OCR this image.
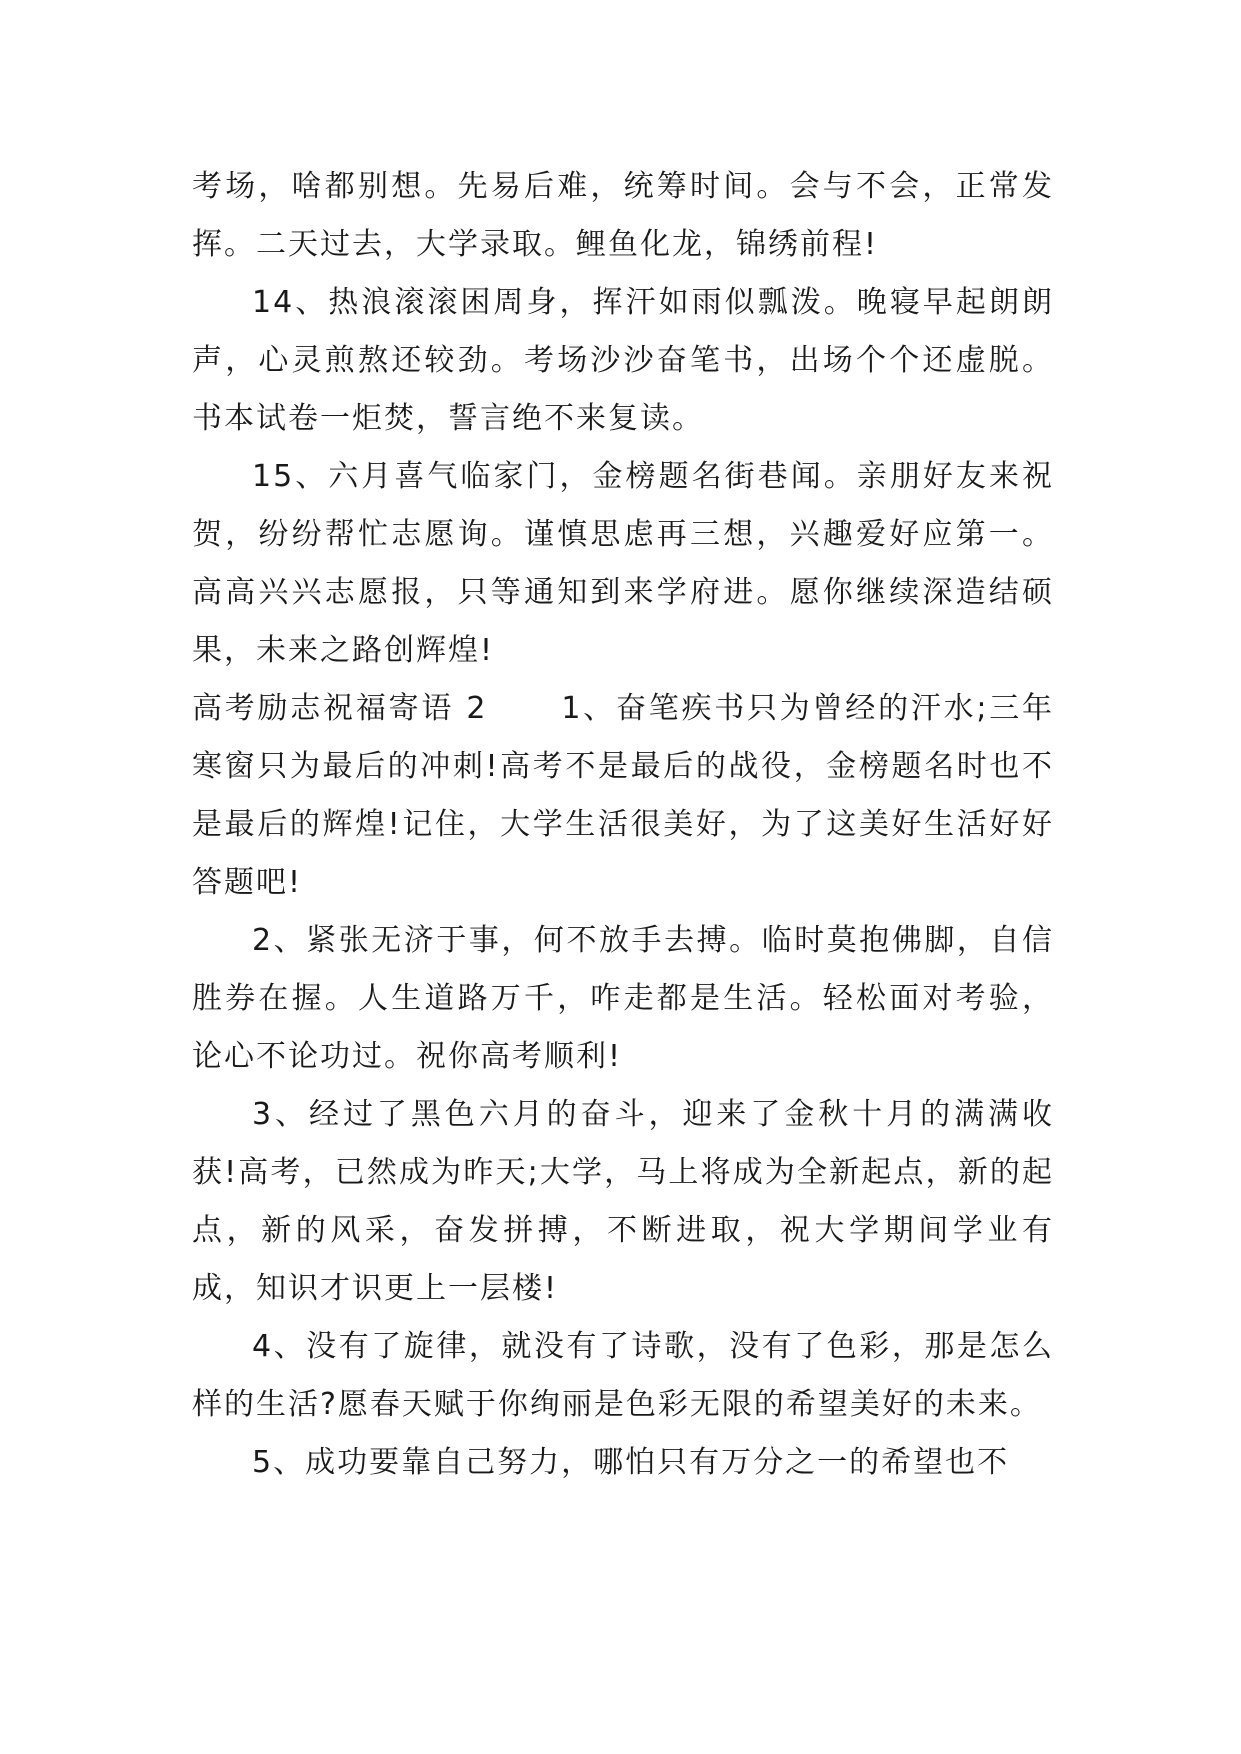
考场，啥都别想。先易后难，统筹时间。会与不会，正常发挥。二天过去，大学录取。鲤鱼化龙，锦绣前程!

14、热浪滚滚困周身，挥汗如雨似瓢泼。晚寝早起朗朗声，心灵煎熬还较劲。考场沙沙奋笔书，出场个个还虚脱。书本试卷一炬焚，誓言绝不来复读。

15、六月喜气临家门，金榜题名街巷闻。亲朋好友来祝贺，纷纷帮忙志愿询。谨慎思虑再三想，兴趣爱好应第一。高高兴兴志愿报，只等通知到来学府进。愿你继续深造结硕果，未来之路创辉煌!

高考励志祝福寄语 2 1、奋笔疾书只为曾经的汗水;三年寒窗只为最后的冲刺!高考不是最后的战役，金榜题名时也不是最后的辉煌!记住，大学生活很美好，为了这美好生活好好答题吧!

2、紧张无济于事，何不放手去搏。临时莫抱佛脚，自信胜券在握。人生道路万千，咋走都是生活。轻松面对考验，论心不论功过。祝你高考顺利!

3、经过了黑色六月的奋斗，迎来了金秋十月的满满收获!高考，已然成为昨天;大学，马上将成为全新起点，新的起点，新的风采，奋发拼搏，不断进取，祝大学期间学业有成，知识才识更上一层楼!

4、没有了旋律，就没有了诗歌，没有了色彩，那是怎么样的生活?愿春天赋于你绚丽是色彩无限的希望美好的未来。

5、成功要靠自己努力，哪怕只有万分之一的希望也不
